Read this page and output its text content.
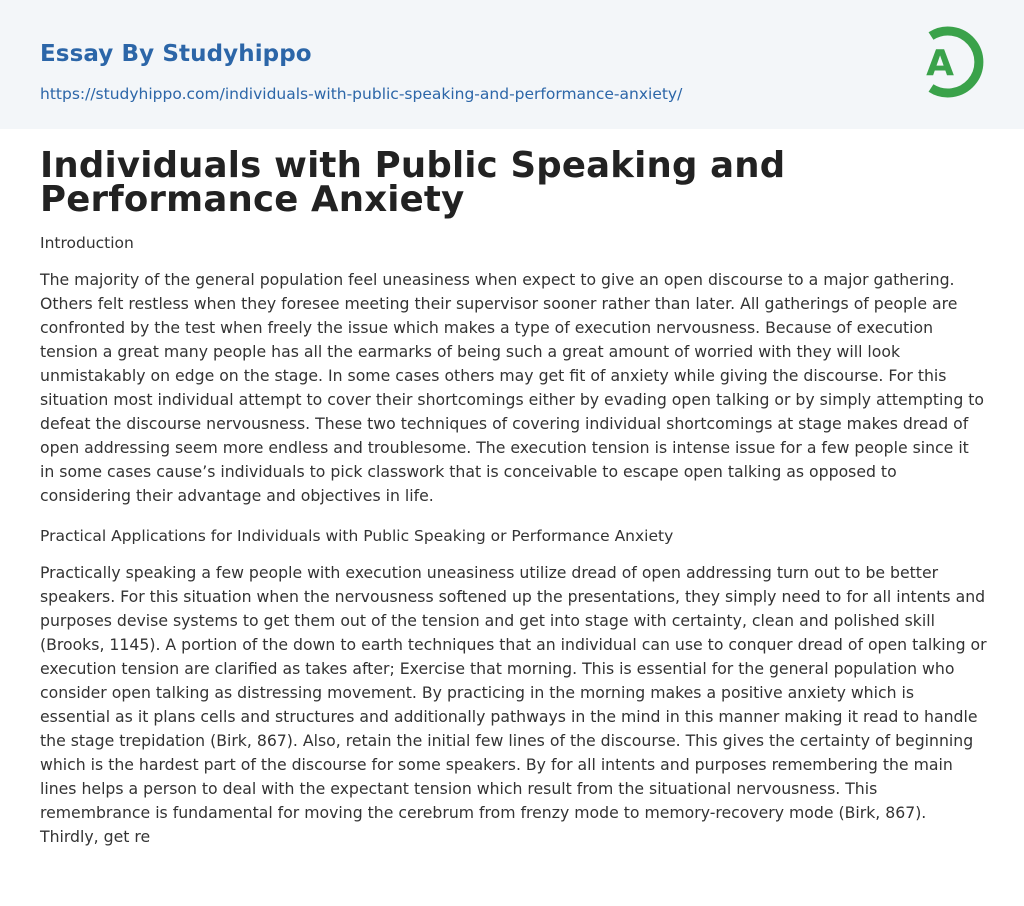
Essay By Studyhippo
https://studyhippo.com/individuals-with-public-speaking-and-performance-anxiety/
A
Individuals with Public Speaking and Performance Anxiety
Introduction

The majority of the general population feel uneasiness when expect to give an open discourse to a major gathering. Others felt restless when they foresee meeting their supervisor sooner rather than later. All gatherings of people are confronted by the test when freely the issue which makes a type of execution nervousness. Because of execution tension a great many people has all the earmarks of being such a great amount of worried with they will look unmistakably on edge on the stage. In some cases others may get fit of anxiety while giving the discourse. For this situation most individual attempt to cover their shortcomings either by evading open talking or by simply attempting to defeat the discourse nervousness. These two techniques of covering individual shortcomings at stage makes dread of open addressing seem more endless and troublesome. The execution tension is intense issue for a few people since it in some cases cause’s individuals to pick classwork that is conceivable to escape open talking as opposed to considering their advantage and objectives in life.

Practical Applications for Individuals with Public Speaking or Performance Anxiety

Practically speaking a few people with execution uneasiness utilize dread of open addressing turn out to be better speakers. For this situation when the nervousness softened up the presentations, they simply need to for all intents and purposes devise systems to get them out of the tension and get into stage with certainty, clean and polished skill (Brooks, 1145). A portion of the down to earth techniques that an individual can use to conquer dread of open talking or execution tension are clarified as takes after; Exercise that morning. This is essential for the general population who consider open talking as distressing movement. By practicing in the morning makes a positive anxiety which is essential as it plans cells and structures and additionally pathways in the mind in this manner making it read to handle the stage trepidation (Birk, 867). Also, retain the initial few lines of the discourse. This gives the certainty of beginning which is the hardest part of the discourse for some speakers. By for all intents and purposes remembering the main lines helps a person to deal with the expectant tension which result from the situational nervousness. This remembrance is fundamental for moving the cerebrum from frenzy mode to memory-recovery mode (Birk, 867). Thirdly, get re
